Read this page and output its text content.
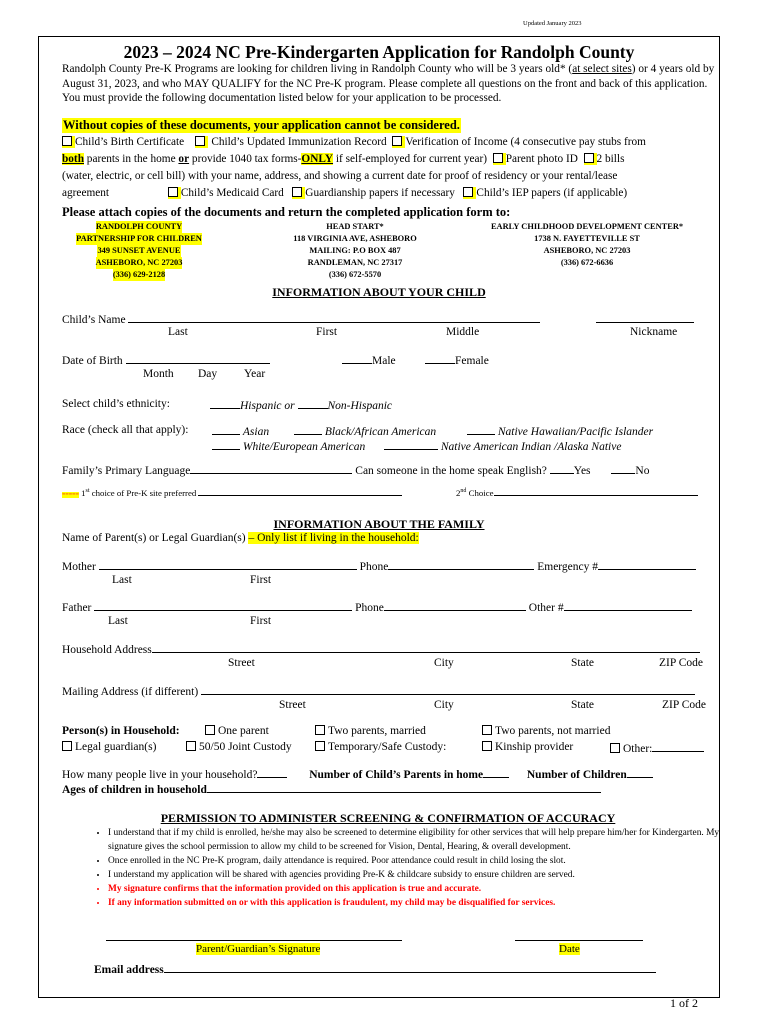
Updated January 2023
2023 – 2024 NC Pre-Kindergarten Application for Randolph County
Randolph County Pre-K Programs are looking for children living in Randolph County who will be 3 years old* (at select sites) or 4 years old by August 31, 2023, and who MAY QUALIFY for the NC Pre-K program. Please complete all questions on the front and back of this application. You must provide the following documentation listed below for your application to be processed.
Without copies of these documents, your application cannot be considered.
Child’s Birth Certificate Child’s Updated Immunization Record Verification of Income (4 consecutive pay stubs from
both parents in the home or provide 1040 tax forms-ONLY if self-employed for current year) Parent photo ID 2 bills
(water, electric, or cell bill) with your name, address, and showing a current date for proof of residency or your rental/lease
agreement	Child’s Medicaid Card Guardianship papers if necessary Child’s IEP papers (if applicable)
Please attach copies of the documents and return the completed application form to:
RANDOLPH COUNTY
PARTNERSHIP FOR CHILDREN
349 SUNSET AVENUE
ASHEBORO, NC 27203
(336) 629-2128
HEAD START*
118 VIRGINIA AVE, ASHEBORO
MAILING: P.O BOX 487
RANDLEMAN, NC 27317
(336) 672-5570
EARLY CHILDHOOD DEVELOPMENT CENTER*
1738 N. FAYETTEVILLE ST
ASHEBORO, NC 27203
(336) 672-6636
INFORMATION ABOUT YOUR CHILD
Child’s Name
Last	First	Middle	Nickname
Date of Birth	Male	Female
Month Day Year
Select child’s ethnicity:	Hispanic or	Non-Hispanic
Race (check all that apply):	Asian	Black/African American	Native Hawaiian/Pacific Islander
White/European American	Native American Indian /Alaska Native
Family’s Primary Language	Can someone in the home speak English? Yes	No
===== 1st choice of Pre-K site preferred	2nd Choice
INFORMATION ABOUT THE FAMILY
Name of Parent(s) or Legal Guardian(s) – Only list if living in the household:
Mother	Phone	Emergency #
Last	First
Father	Phone	Other #
Last	First
Household Address
Street	City	State	ZIP Code
Mailing Address (if different)
Street	City	State	ZIP Code
Person(s) in Household:	One parent	Two parents, married	Two parents, not married
Legal guardian(s)	50/50 Joint Custody	Temporary/Safe Custody:	Kinship provider	Other:
How many people live in your household?	Number of Child’s Parents in home	Number of Children
Ages of children in household
PERMISSION TO ADMINISTER SCREENING & CONFIRMATION OF ACCURACY
• I understand that if my child is enrolled, he/she may also be screened to determine eligibility for other services that will help prepare him/her for Kindergarten. My signature gives the school permission to allow my child to be screened for Vision, Dental, Hearing, & overall development.
• Once enrolled in the NC Pre-K program, daily attendance is required. Poor attendance could result in child losing the slot.
• I understand my application will be shared with agencies providing Pre-K & childcare subsidy to ensure children are served.
• My signature confirms that the information provided on this application is true and accurate.
• If any information submitted on or with this application is fraudulent, my child may be disqualified for services.
Parent/Guardian’s Signature	Date
Email address
1 of 2
